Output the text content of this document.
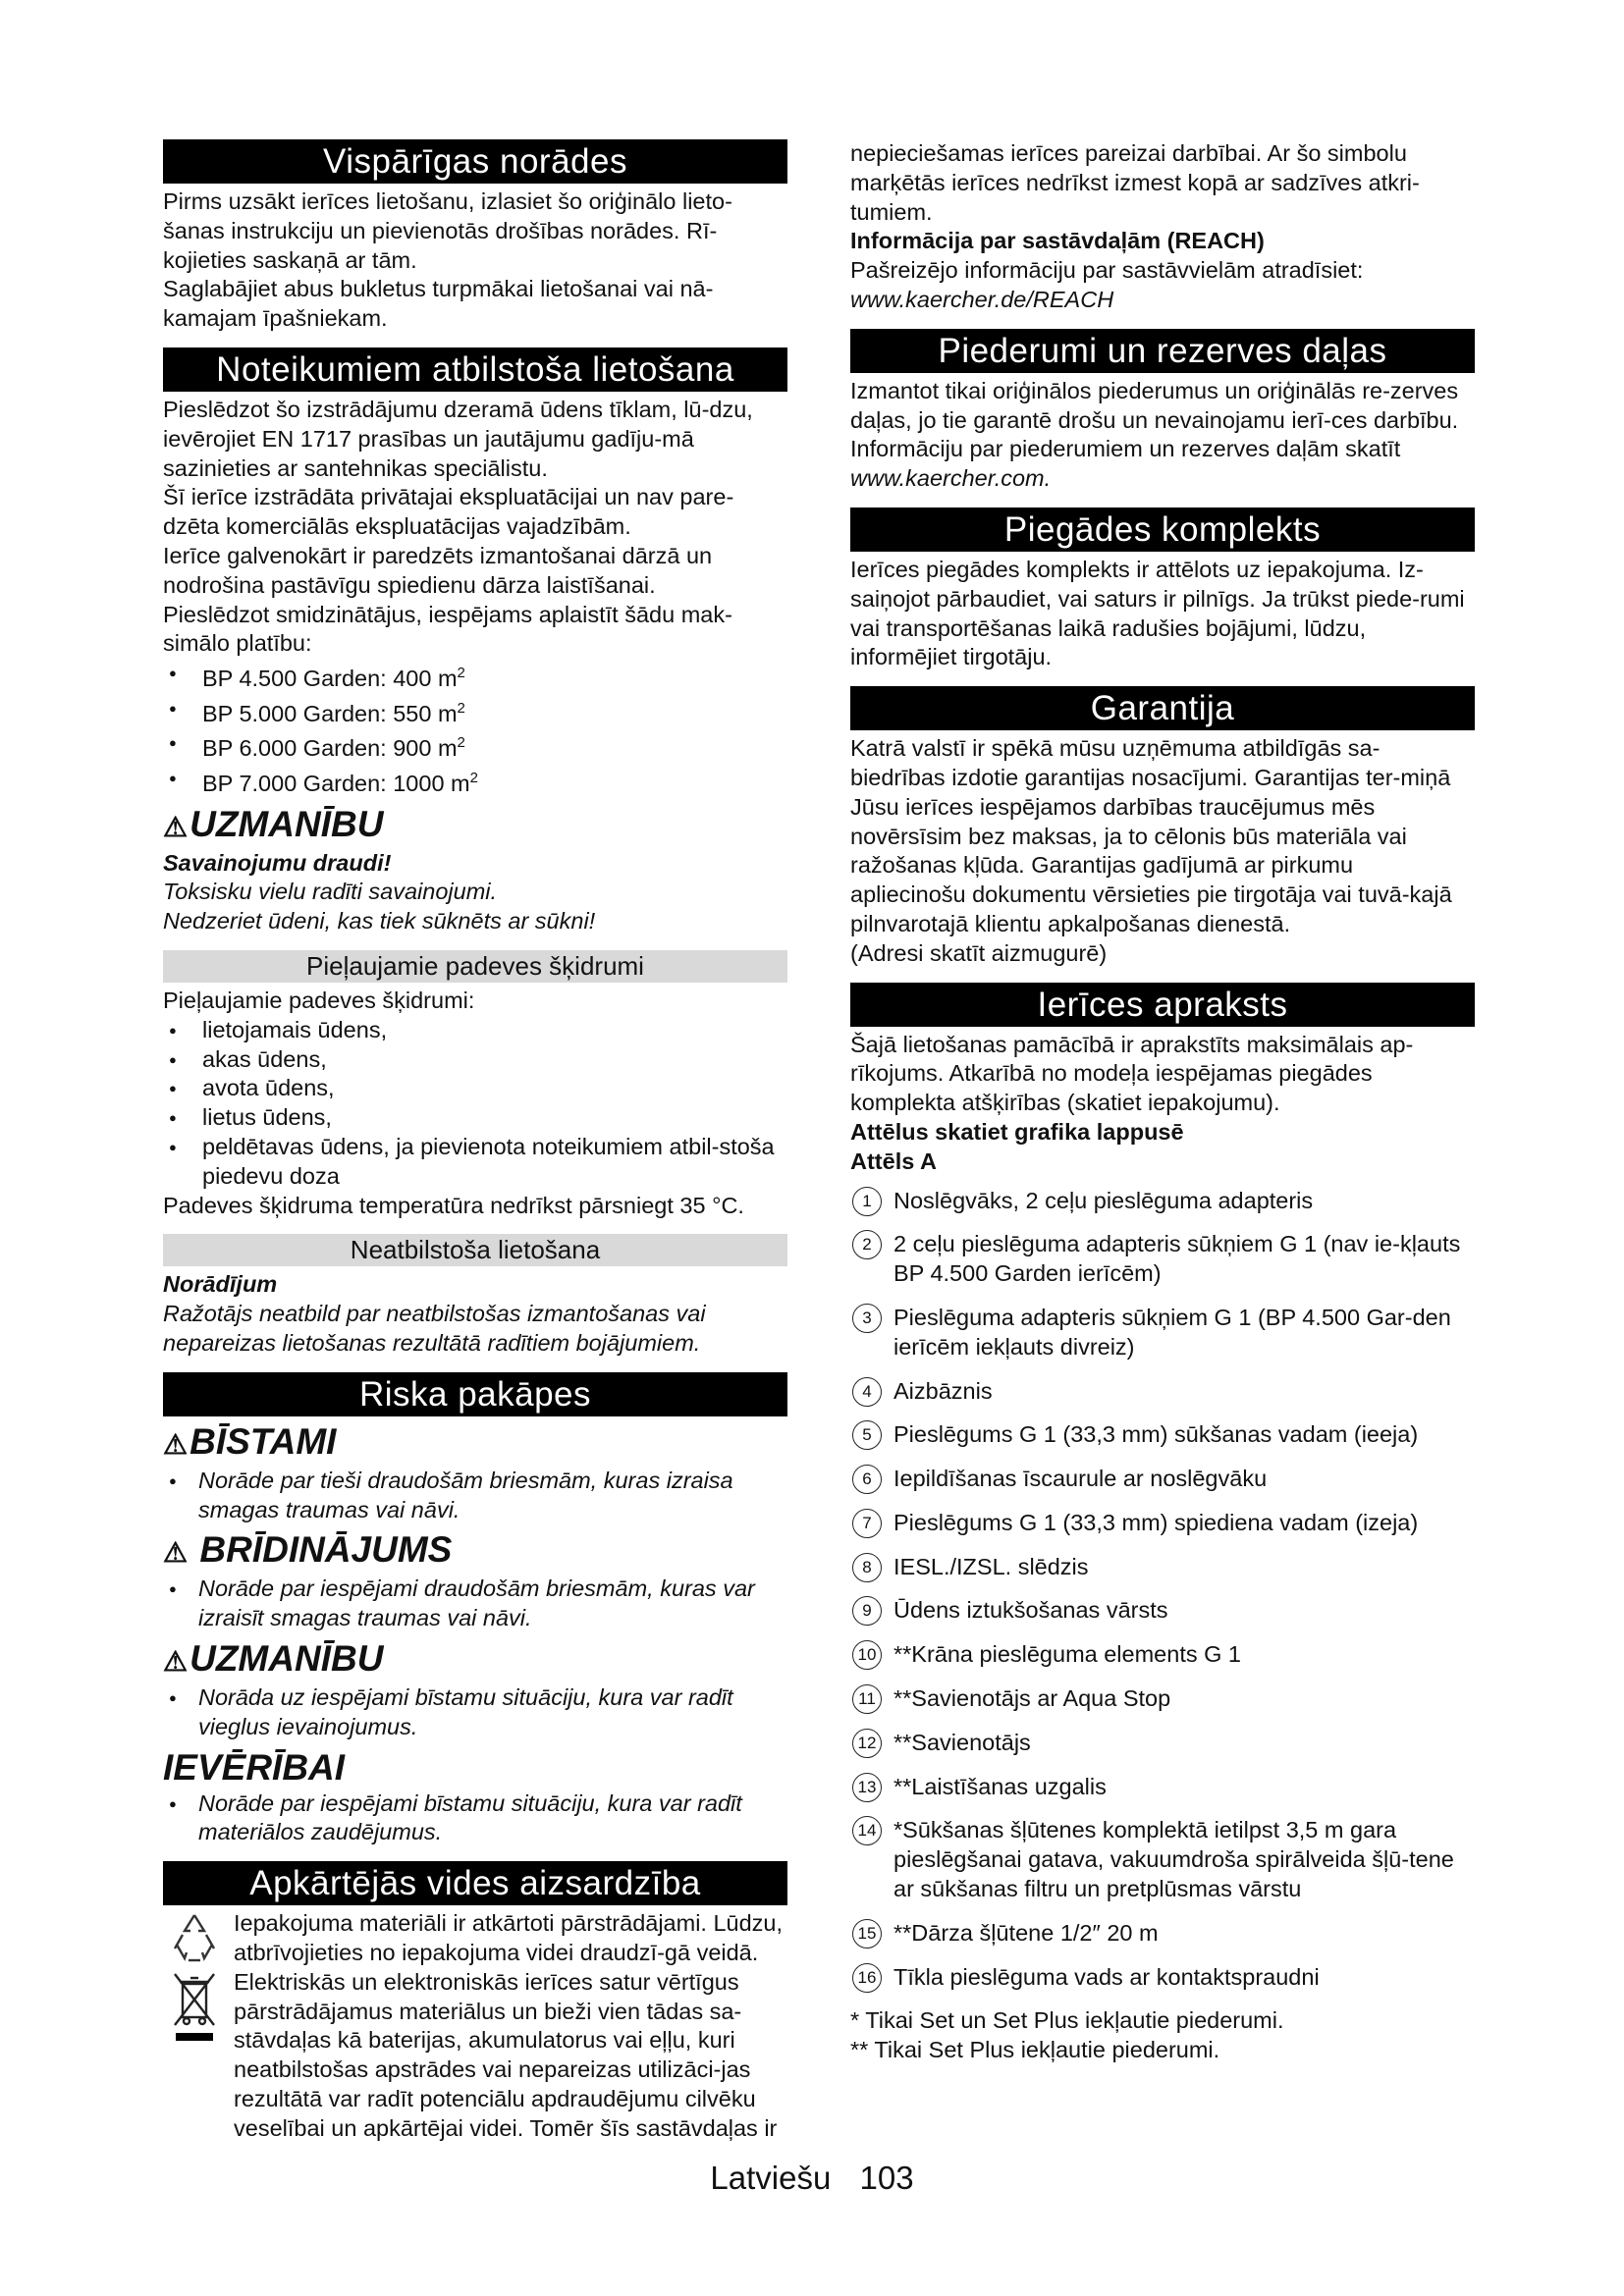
Vispārīgas norādes

Pirms uzsākt ierīces lietošanu, izlasiet šo oriģinālo lieto-šanas instrukciju un pievienotās drošības norādes. Rī-kojieties saskaņā ar tām.

Saglabājiet abus bukletus turpmākai lietošanai vai nā-kamajam īpašniekam.

Noteikumiem atbilstoša lietošana

Pieslēdzot šo izstrādājumu dzeramā ūdens tīklam, lū-dzu, ievērojiet EN 1717 prasības un jautājumu gadīju-mā sazinieties ar santehnikas speciālistu.

Šī ierīce izstrādāta privātajai ekspluatācijai un nav pare-dzēta komerciālās ekspluatācijas vajadzībām.

Ierīce galvenokārt ir paredzēts izmantošanai dārzā un nodrošina pastāvīgu spiedienu dārza laistīšanai.

Pieslēdzot smidzinātājus, iespējams aplaistīt šādu mak-simālo platību:

● BP 4.500 Garden: 400 $m^2$
● BP 5.000 Garden: 550 $m^2$
● BP 6.000 Garden: 900 $m^2$
● BP 7.000 Garden: 1000 $m^2$
⚠UZMANĪBU

Savainojumu draudi!

Toksisku vielu radīti savainojumi.

Nedzeriet ūdeni, kas tiek sūknēts ar sūkni!

Pieļaujamie padeves šķidrumi

Pieļaujamie padeves šķidrumi:

● lietojamais ūdens,
● akas ūdens,
● avota ūdens,
● lietus ūdens,
● peldētavas ūdens, ja pievienota noteikumiem atbil-stoša piedevu doza

Padeves šķidruma temperatūra nedrīkst pārsniegt 35 °C.

Neatbilstoša lietošana

Norādījum

Ražotājs neatbild par neatbilstošas izmantošanas vai nepareizas lietošanas rezultātā radītiem bojājumiem.

Riska pakāpes
⚠BĪSTAMI
● Norāde par tieši draudošām briesmām, kuras izraisa smagas traumas vai nāvi.
⚠ BRĪDINĀJUMS
● Norāde par iespējami draudošām briesmām, kuras var izraisīt smagas traumas vai nāvi.
⚠UZMANĪBU
● Norāda uz iespējami bīstamu situāciju, kura var radīt vieglus ievainojumus.
IEVĒRĪBAI
● Norāde par iespējami bīstamu situāciju, kura var radīt materiālos zaudējumus.
Apkārtējās vides aizsardzība

Iepakojuma materiāli ir atkārtoti pārstrādājami. Lūdzu, atbrīvojieties no iepakojuma videi draudzī-gā veidā.

Elektriskās un elektroniskās ierīces satur vērtīgus pārstrādājamus materiālus un bieži vien tādas sa-stāvdaļas kā baterijas, akumulatorus vai eļļu, kuri neatbilstošas apstrādes vai nepareizas utilizāci-jas rezultātā var radīt potenciālu apdraudējumu cilvēku veselībai un apkārtējai videi. Tomēr šīs sastāvdaļas ir

nepieciešamas ierīces pareizai darbībai. Ar šo simbolu marķētās ierīces nedrīkst izmest kopā ar sadzīves atkri-tumiem.

Informācija par sastāvdaļām (REACH)

Pašreizējo informāciju par sastāvvielām atradīsiet:

www.kaercher.de/REACH

Piederumi un rezerves daļas

Izmantot tikai oriģinālos piederumus un oriģinālās re-zerves daļas, jo tie garantē drošu un nevainojamu ierī-ces darbību.

Informāciju par piederumiem un rezerves daļām skatīt

www.kaercher.com.

Piegādes komplekts

Ierīces piegādes komplekts ir attēlots uz iepakojuma. Iz-saiņojot pārbaudiet, vai saturs ir pilnīgs. Ja trūkst piede-rumi vai transportēšanas laikā radušies bojājumi, lūdzu, informējiet tirgotāju.

Garantija

Katrā valstī ir spēkā mūsu uzņēmuma atbildīgās sa-biedrības izdotie garantijas nosacījumi. Garantijas ter-miņā Jūsu ierīces iespējamos darbības traucējumus mēs novērsīsim bez maksas, ja to cēlonis būs materiāla vai ražošanas kļūda. Garantijas gadījumā ar pirkumu apliecinošu dokumentu vērsieties pie tirgotāja vai tuvā-kajā pilnvarotajā klientu apkalpošanas dienestā.

(Adresi skatīt aizmugurē)

Ierīces apraksts

Šajā lietošanas pamācībā ir aprakstīts maksimālais ap-rīkojums. Atkarībā no modeļa iespējamas piegādes komplekta atšķirības (skatiet iepakojumu).

Attēlus skatiet grafika lappusē

Attēls A

1 Noslēgvāks, 2 ceļu pieslēguma adapteris
2 2 ceļu pieslēguma adapteris sūkņiem G 1 (nav ie-kļauts BP 4.500 Garden ierīcēm)
3 Pieslēguma adapteris sūkņiem G 1 (BP 4.500 Gar-den ierīcēm iekļauts divreiz)
4 Aizbāznis
5 Pieslēgums G 1 (33,3 mm) sūkšanas vadam (ieeja)
6 Iepildīšanas īscaurule ar noslēgvāku
7 Pieslēgums G 1 (33,3 mm) spiediena vadam (izeja)
8 IESL./IZSL. slēdzis
9 Ūdens iztukšošanas vārsts
10 **Krāna pieslēguma elements G 1
11 **Savienotājs ar Aqua Stop
12 **Savienotājs
13 **Laistīšanas uzgalis
14 *Sūkšanas šļūtenes komplektā ietilpst 3,5 m gara pieslēgšanai gatava, vakuumdroša spirālveida šļū-tene ar sūkšanas filtru un pretplūsmas vārstu
15 **Dārza šļūtene 1/2″ 20 m
16 Tīkla pieslēguma vads ar kontaktspraudni

* Tikai Set un Set Plus iekļautie piederumi.

** Tikai Set Plus iekļautie piederumi.

Latviešu 103
